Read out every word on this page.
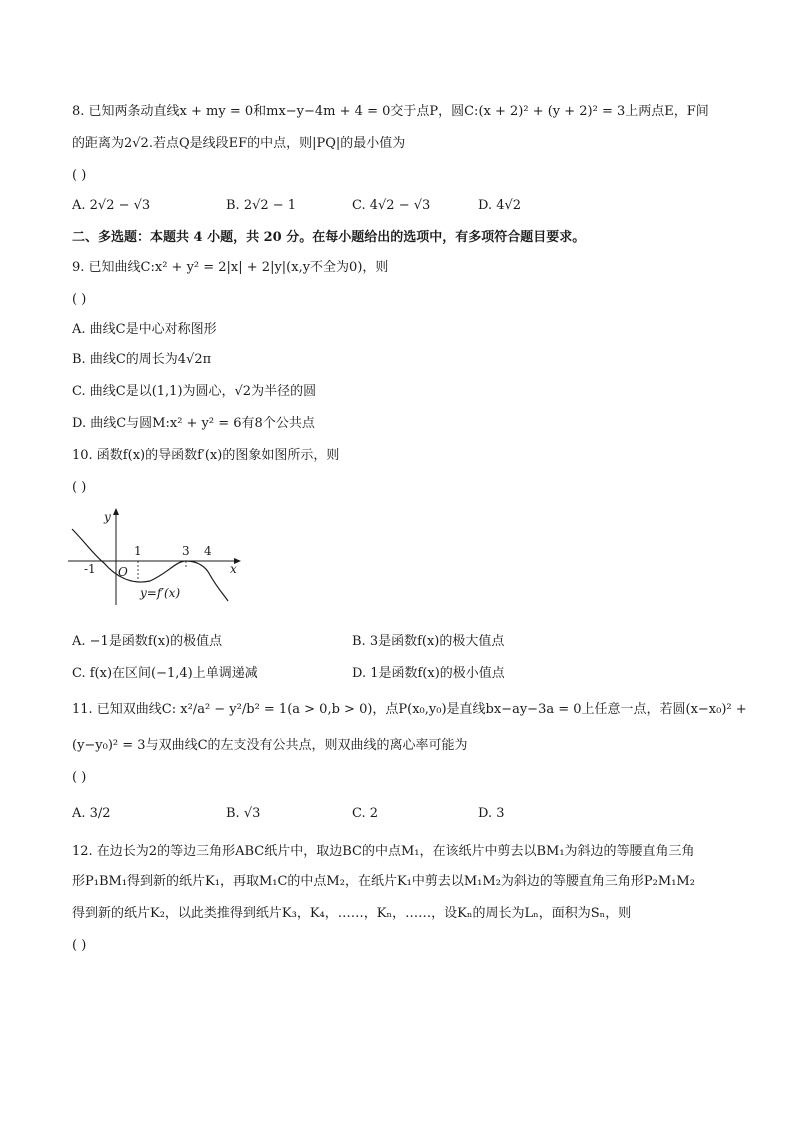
8. 已知两条动直线x + my = 0和mx−y−4m + 4 = 0交于点P，圆C:(x + 2)² + (y + 2)² = 3上两点E，F间
的距离为2√2.若点Q是线段EF的中点，则|PQ|的最小值为
( )
A. 2√2 − √3	B. 2√2 − 1	C. 4√2 − √3	D. 4√2
二、多选题：本题共 4 小题，共 20 分。在每小题给出的选项中，有多项符合题目要求。
9. 已知曲线C:x² + y² = 2|x| + 2|y|(x,y不全为0)，则
( )
A. 曲线C是中心对称图形
B. 曲线C的周长为4√2π
C. 曲线C是以(1,1)为圆心，√2为半径的圆
D. 曲线C与圆M:x² + y² = 6有8个公共点
10. 函数f(x)的导函数f′(x)的图象如图所示，则
( )
y
x
O
-1
1	3 4
y=f′(x)
A. −1是函数f(x)的极值点	B. 3是函数f(x)的极大值点
C. f(x)在区间(−1,4)上单调递减	D. 1是函数f(x)的极小值点
11. 已知双曲线C: x²/a² − y²/b² = 1(a > 0,b > 0)，点P(x₀,y₀)是直线bx−ay−3a = 0上任意一点，若圆(x−x₀)² +
(y−y₀)² = 3与双曲线C的左支没有公共点，则双曲线的离心率可能为
( )
A. 3/2	B. √3	C. 2	D. 3
12. 在边长为2的等边三角形ABC纸片中，取边BC的中点M₁，在该纸片中剪去以BM₁为斜边的等腰直角三角
形P₁BM₁得到新的纸片K₁，再取M₁C的中点M₂，在纸片K₁中剪去以M₁M₂为斜边的等腰直角三角形P₂M₁M₂
得到新的纸片K₂，以此类推得到纸片K₃，K₄，……，Kₙ，……，设Kₙ的周长为Lₙ，面积为Sₙ，则
( )
